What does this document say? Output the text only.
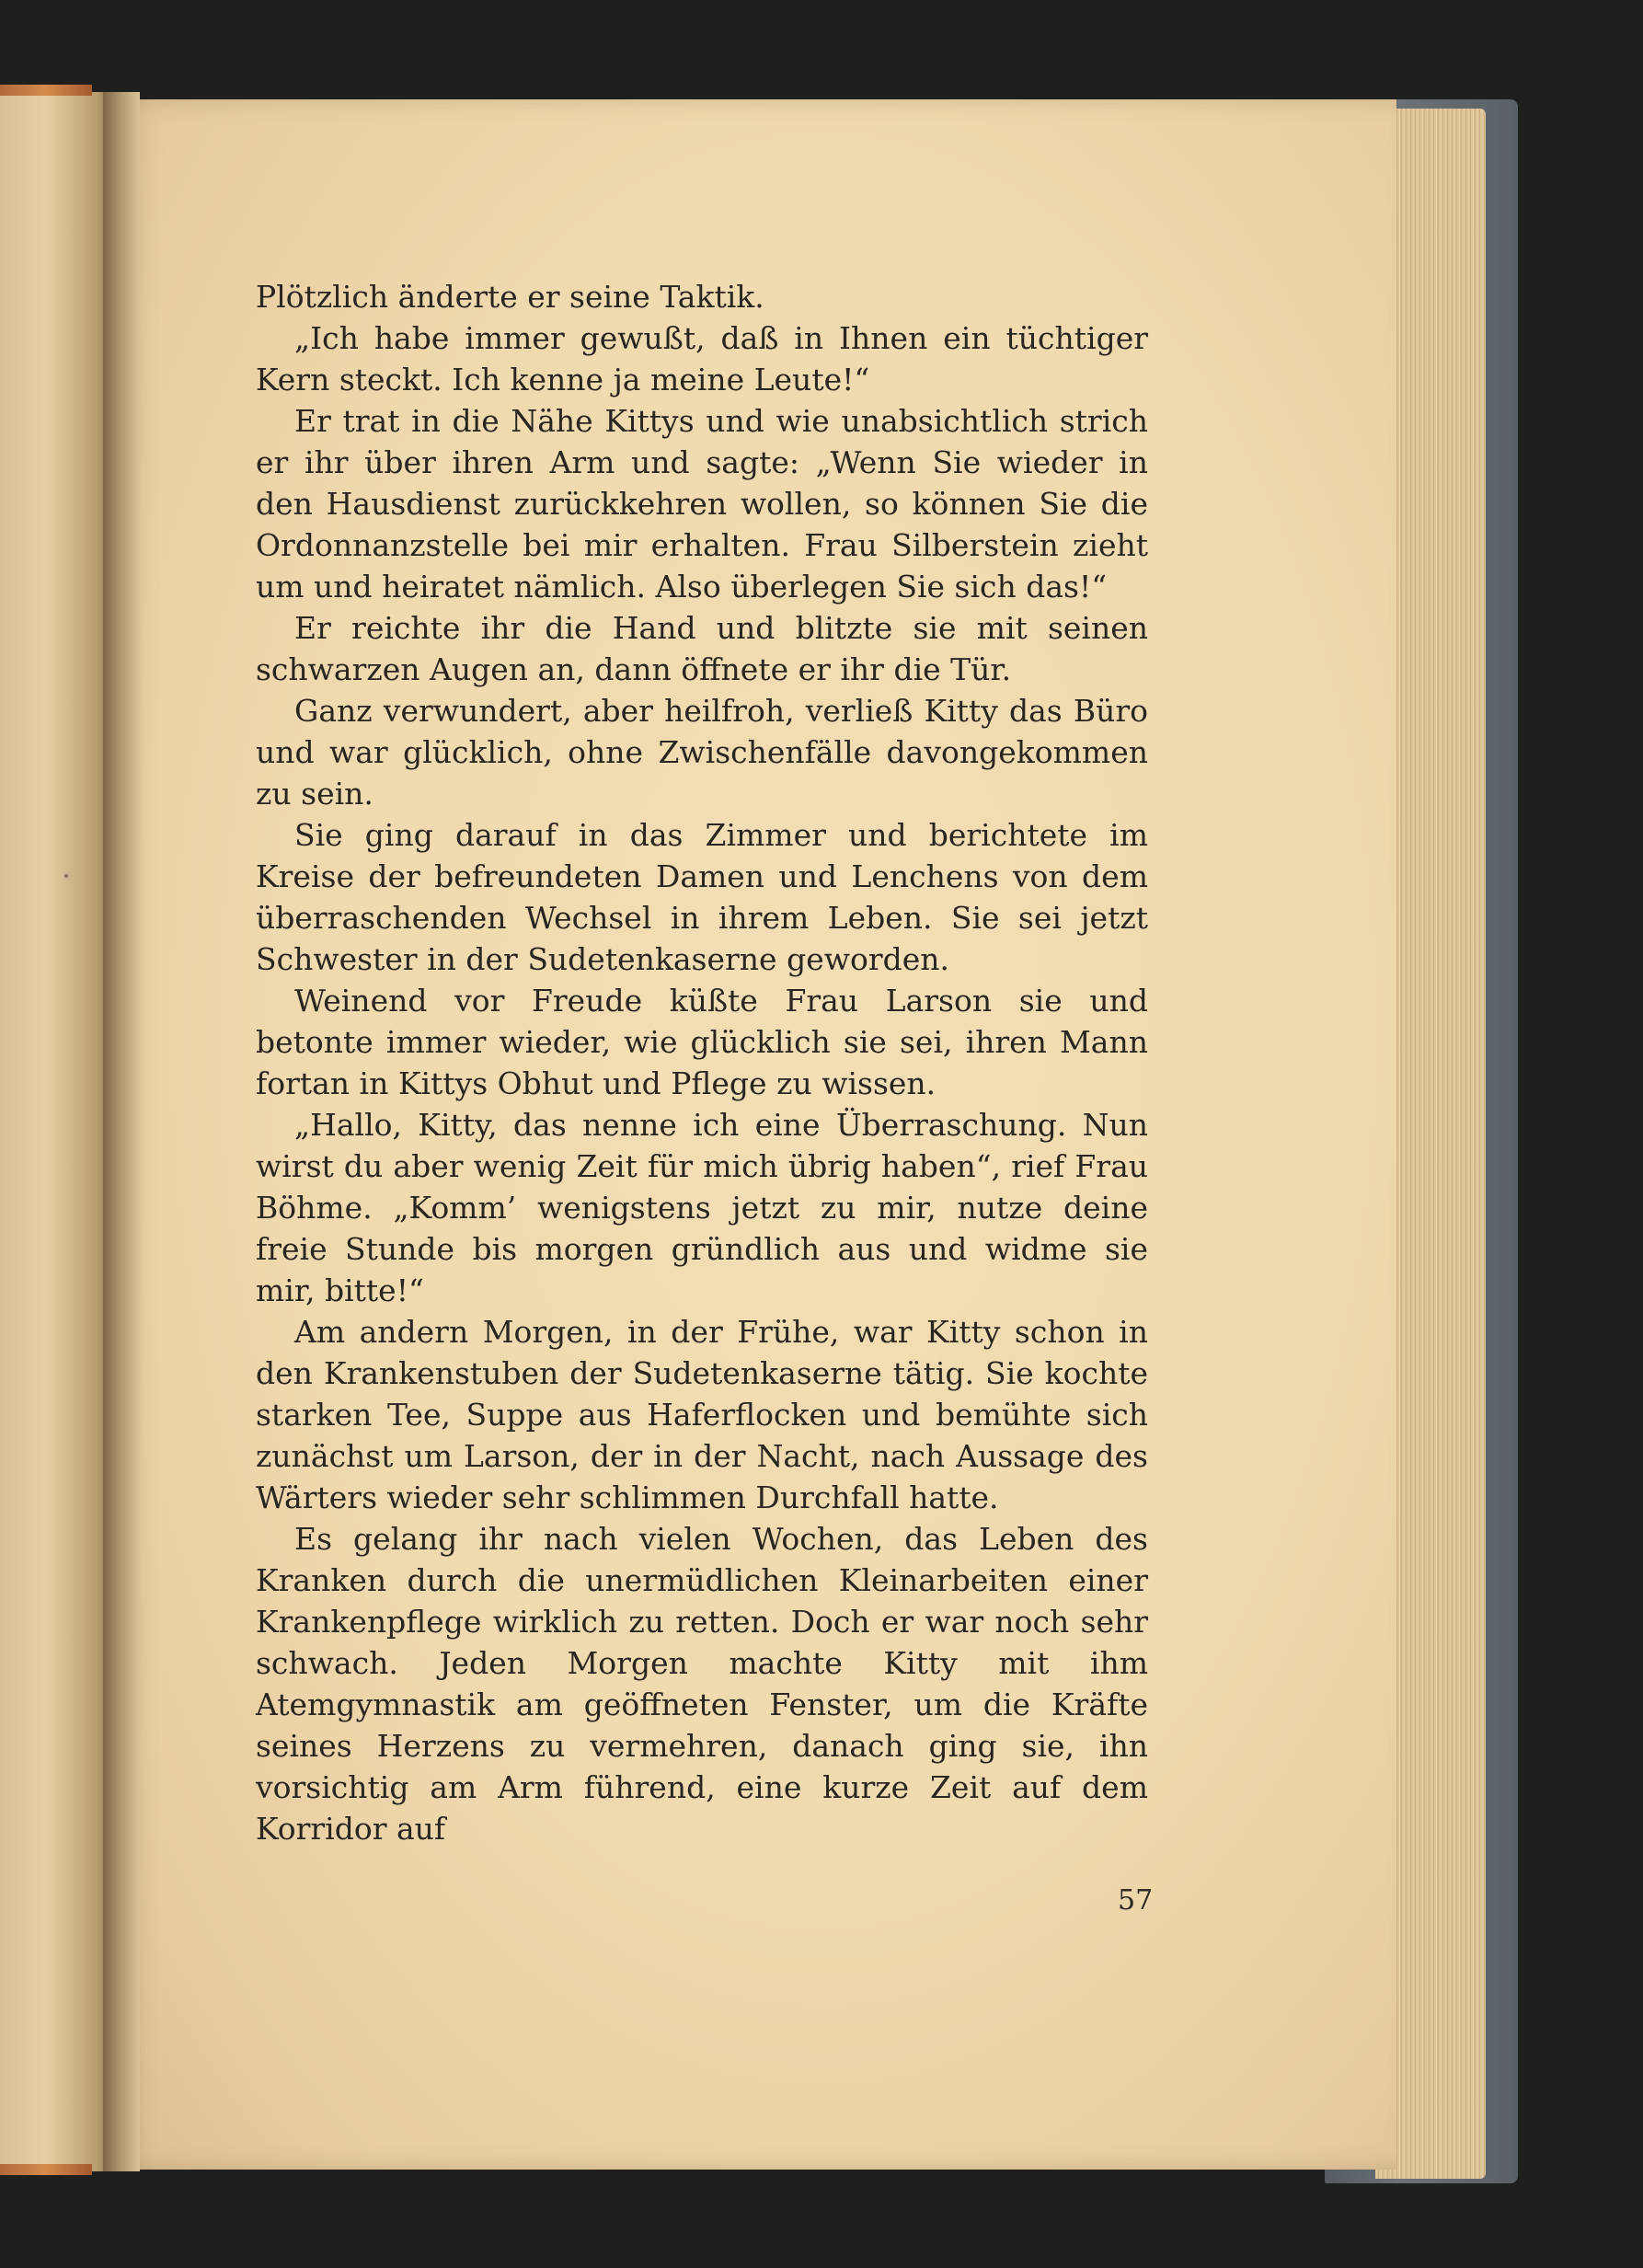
Plötzlich änderte er seine Taktik.

„Ich habe immer gewußt, daß in Ihnen ein tüchtiger Kern steckt. Ich kenne ja meine Leute!“

Er trat in die Nähe Kittys und wie unabsichtlich strich er ihr über ihren Arm und sagte: „Wenn Sie wieder in den Hausdienst zurückkehren wollen, so können Sie die Ordonnanzstelle bei mir erhalten. Frau Silberstein zieht um und heiratet nämlich. Also überlegen Sie sich das!“

Er reichte ihr die Hand und blitzte sie mit seinen schwarzen Augen an, dann öffnete er ihr die Tür.

Ganz verwundert, aber heilfroh, verließ Kitty das Büro und war glücklich, ohne Zwischenfälle davongekommen zu sein.

Sie ging darauf in das Zimmer und berichtete im Kreise der befreundeten Damen und Lenchens von dem überraschenden Wechsel in ihrem Leben. Sie sei jetzt Schwester in der Sudetenkaserne geworden.

Weinend vor Freude küßte Frau Larson sie und betonte immer wieder, wie glücklich sie sei, ihren Mann fortan in Kittys Obhut und Pflege zu wissen.

„Hallo, Kitty, das nenne ich eine Überraschung. Nun wirst du aber wenig Zeit für mich übrig haben“, rief Frau Böhme. „Komm’ wenigstens jetzt zu mir, nutze deine freie Stunde bis morgen gründlich aus und widme sie mir, bitte!“

Am andern Morgen, in der Frühe, war Kitty schon in den Krankenstuben der Sudetenkaserne tätig. Sie kochte starken Tee, Suppe aus Haferflocken und bemühte sich zunächst um Larson, der in der Nacht, nach Aussage des Wärters wieder sehr schlimmen Durchfall hatte.

Es gelang ihr nach vielen Wochen, das Leben des Kranken durch die unermüdlichen Kleinarbeiten einer Krankenpflege wirklich zu retten. Doch er war noch sehr schwach. Jeden Morgen machte Kitty mit ihm Atemgymnastik am geöffneten Fenster, um die Kräfte seines Herzens zu vermehren, danach ging sie, ihn vorsichtig am Arm führend, eine kurze Zeit auf dem Korridor auf

57
